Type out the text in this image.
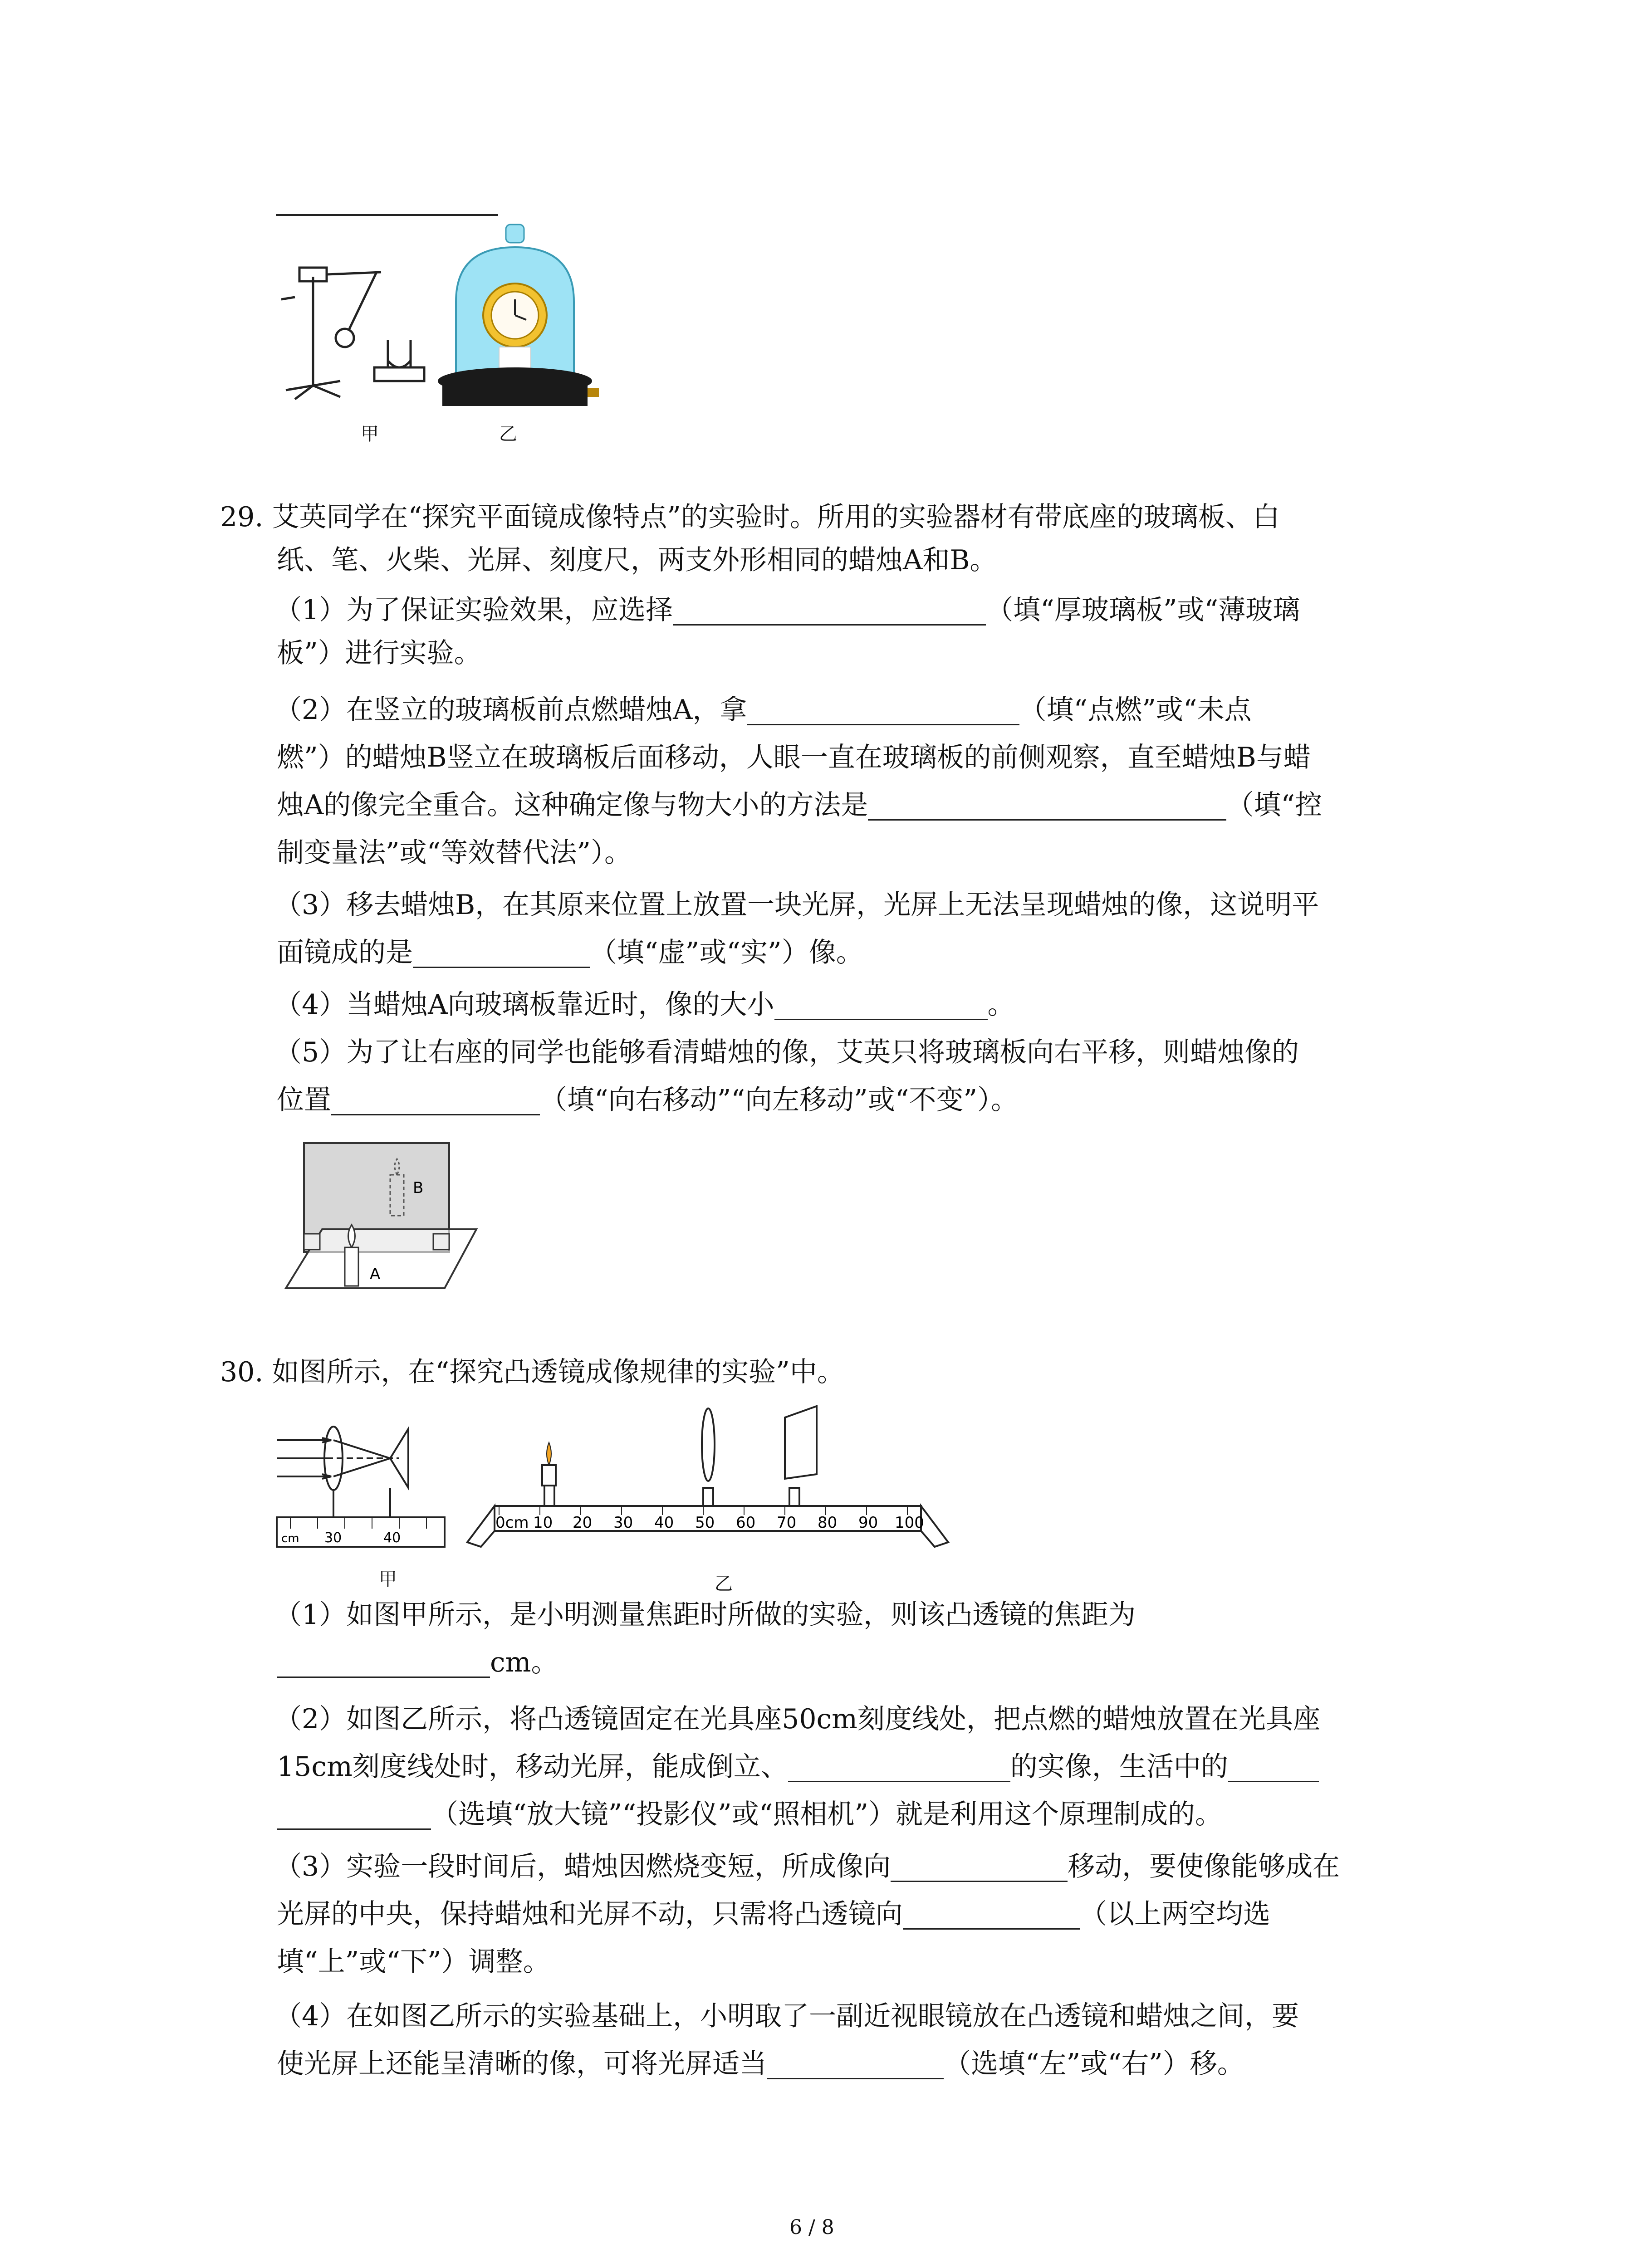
甲	乙
29. 艾英同学在“探究平面镜成像特点”的实验时。所用的实验器材有带底座的玻璃板、白
纸、笔、火柴、光屏、刻度尺，两支外形相同的蜡烛A和B。
（1）为了保证实验效果，应选择	（填“厚玻璃板”或“薄玻璃
板”）进行实验。
（2）在竖立的玻璃板前点燃蜡烛A，拿	（填“点燃”或“未点
燃”）的蜡烛B竖立在玻璃板后面移动，人眼一直在玻璃板的前侧观察，直至蜡烛B与蜡
烛A的像完全重合。这种确定像与物大小的方法是	（填“控
制变量法”或“等效替代法”）。
（3）移去蜡烛B，在其原来位置上放置一块光屏，光屏上无法呈现蜡烛的像，这说明平
面镜成的是	（填“虚”或“实”）像。
（4）当蜡烛A向玻璃板靠近时，像的大小	。
（5）为了让右座的同学也能够看清蜡烛的像，艾英只将玻璃板向右平移，则蜡烛像的
位置	（填“向右移动”“向左移动”或“不变”）。
A
B
30. 如图所示，在“探究凸透镜成像规律的实验”中。
cm 30	40
甲
0cm 10 20 30 40 50 60 70 80 90 100
乙
（1）如图甲所示，是小明测量焦距时所做的实验，则该凸透镜的焦距为
cm。
（2）如图乙所示，将凸透镜固定在光具座50cm刻度线处，把点燃的蜡烛放置在光具座
15cm刻度线处时，移动光屏，能成倒立、	的实像，生活中的
（选填“放大镜”“投影仪”或“照相机”）就是利用这个原理制成的。
（3）实验一段时间后，蜡烛因燃烧变短，所成像向	移动，要使像能够成在
光屏的中央，保持蜡烛和光屏不动，只需将凸透镜向	（以上两空均选
填“上”或“下”）调整。
（4）在如图乙所示的实验基础上，小明取了一副近视眼镜放在凸透镜和蜡烛之间，要
使光屏上还能呈清晰的像，可将光屏适当	（选填“左”或“右”）移。
6 / 8
